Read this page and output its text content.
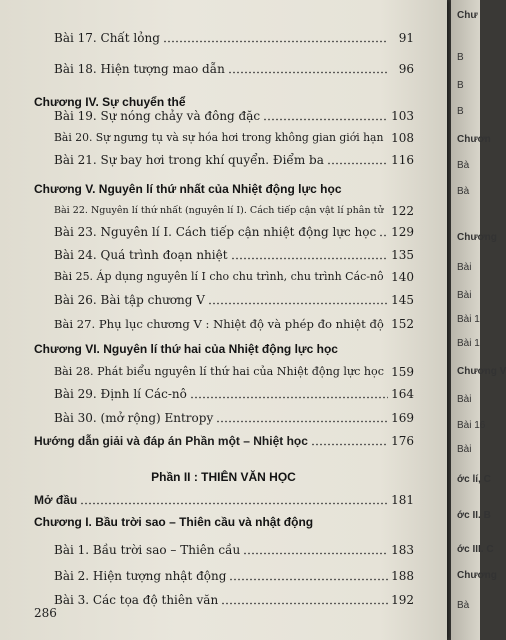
Bài 17. Chất lỏng	91
Bài 18. Hiện tượng mao dẫn	96
Chương IV. Sự chuyển thể
Bài 19. Sự nóng chảy và đông đặc	103
Bài 20. Sự ngưng tụ và sự hóa hơi trong không gian giới hạn 108
Bài 21. Sự bay hơi trong khí quyển. Điểm ba	116
Chương V. Nguyên lí thứ nhất của Nhiệt động lực học
Bài 22. Nguyên lí thứ nhất (nguyên lí I). Cách tiếp cận vật lí phân tử 122
Bài 23. Nguyên lí I. Cách tiếp cận nhiệt động lực học 129
Bài 24. Quá trình đoạn nhiệt	135
Bài 25. Áp dụng nguyên lí I cho chu trình, chu trình Các-nô 140
Bài 26. Bài tập chương V	145
Bài 27. Phụ lục chương V : Nhiệt độ và phép đo nhiệt độ 152
Chương VI. Nguyên lí thứ hai của Nhiệt động lực học
Bài 28. Phát biểu nguyên lí thứ hai của Nhiệt động lực học 159
Bài 29. Định lí Các-nô	164
Bài 30. (mở rộng) Entropy	169
Hướng dẫn giải và đáp án Phần một – Nhiệt học	176
Phần II : THIÊN VĂN HỌC
Mở đầu	181
Chương I. Bầu trời sao – Thiên cầu và nhật động
Bài 1. Bầu trời sao – Thiên cầu	183
Bài 2. Hiện tượng nhật động	188
Bài 3. Các tọa độ thiên văn	192
286
Chư
B
B
B
Chươn
Bà
Bà
Chương
Bài
Bài
Bài 1
Bài 1
Chương V
Bài
Bài 16
Bài
ớc lí, C
ớc II. B
ớc III. C
Chương
Bà
